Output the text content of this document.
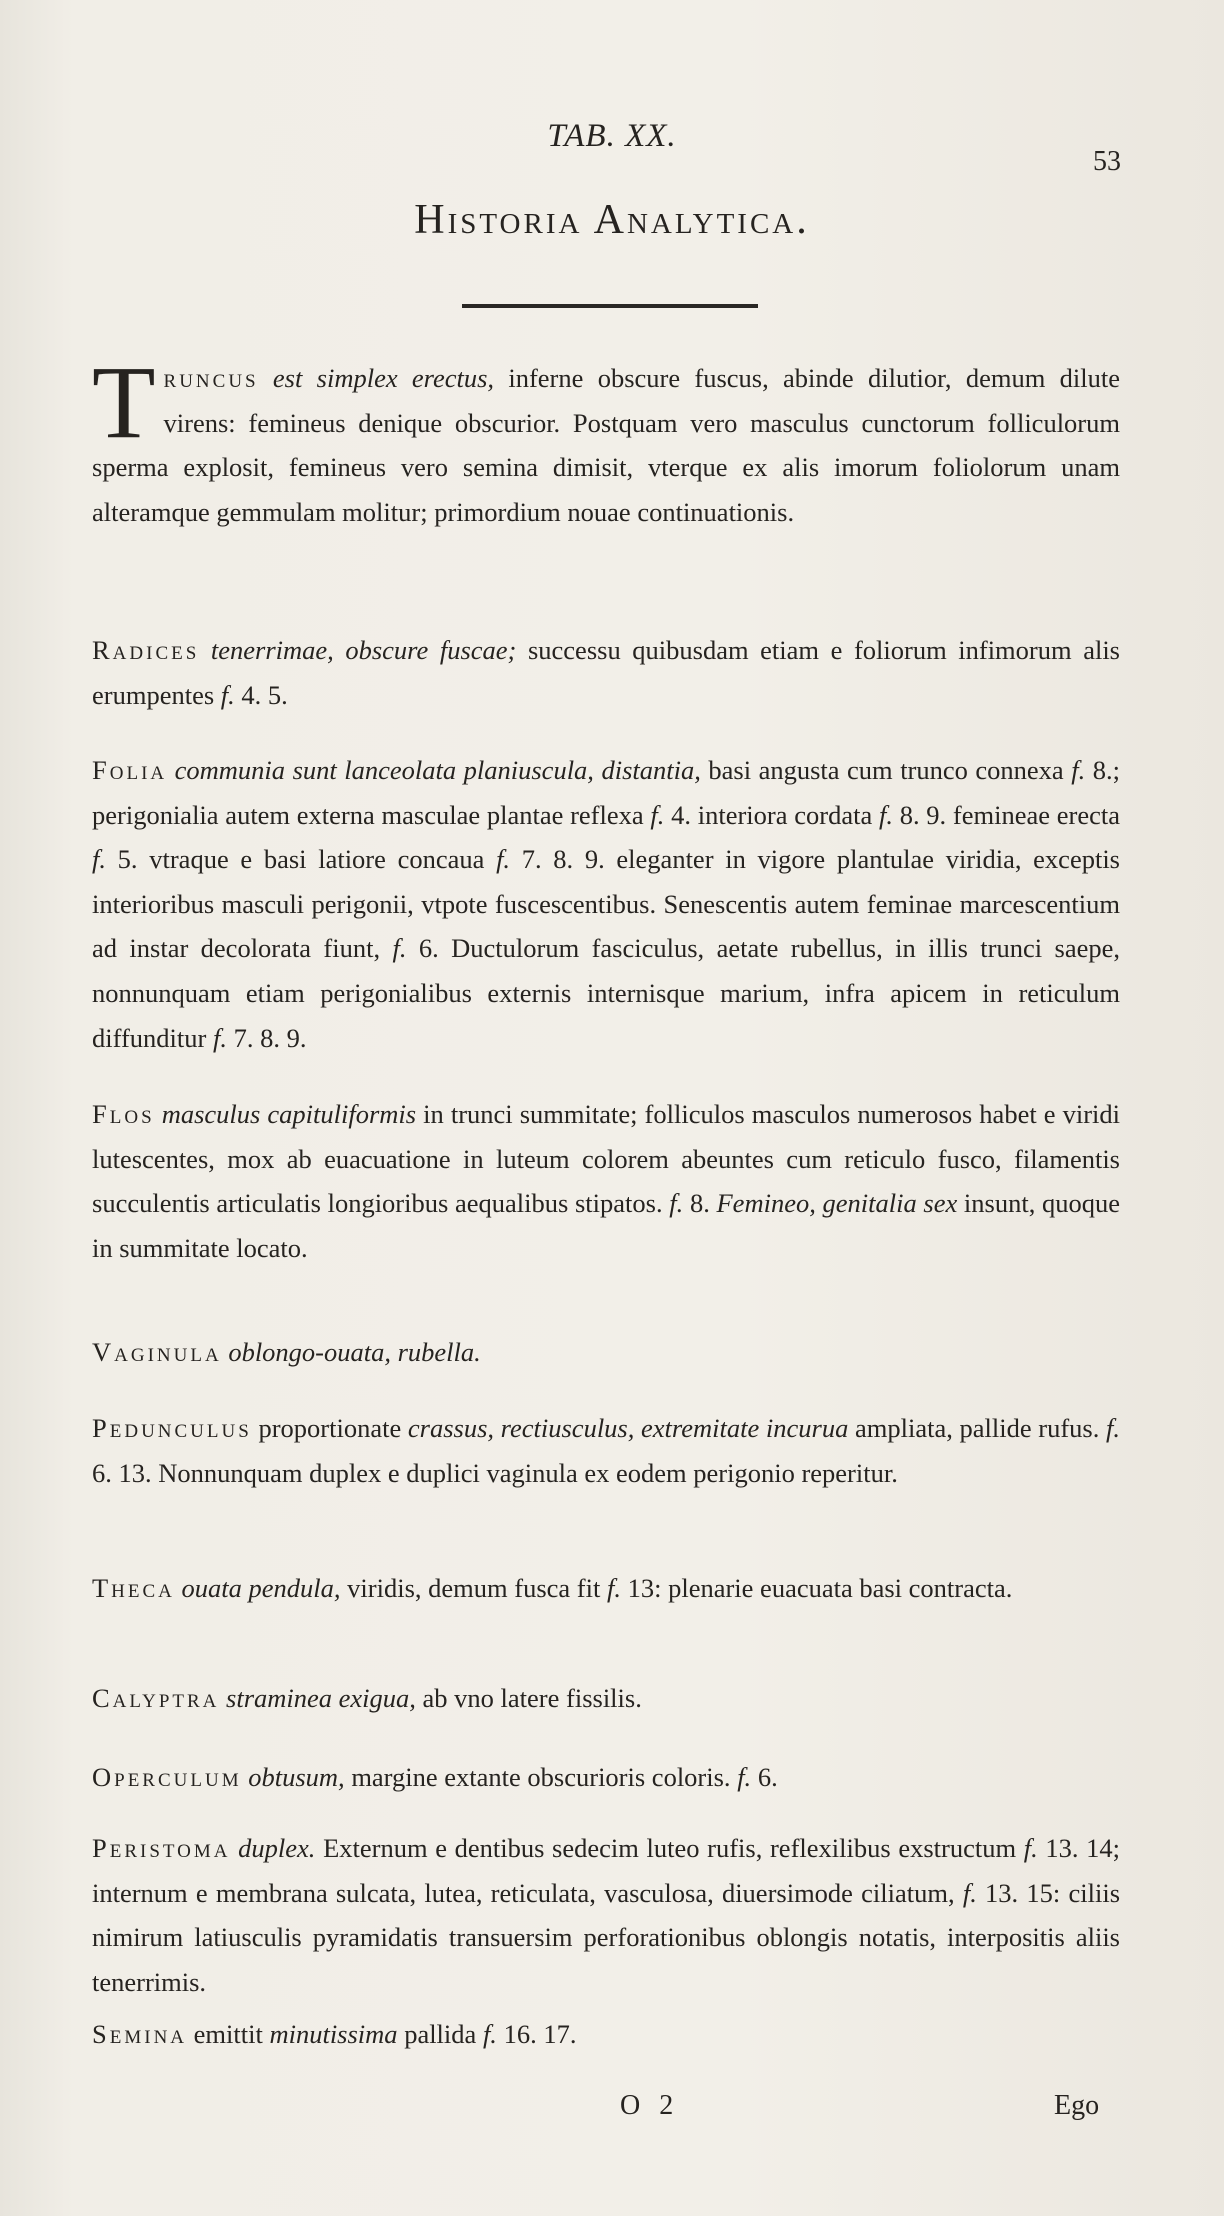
TAB. XX.
53
Historia Analytica.
Truncus est simplex erectus, inferne obscure fuscus, abinde dilutior, demum dilute virens: femineus denique obscurior. Postquam vero masculus cunctorum folliculorum sperma explosit, femineus vero semina dimisit, vterque ex alis imorum foliolorum unam alteramque gemmulam molitur; primordium nouae continuationis.
Radices tenerrimae, obscure fuscae; successu quibusdam etiam e foliorum infimorum alis erumpentes f. 4. 5.
Folia communia sunt lanceolata planiuscula, distantia, basi angusta cum trunco connexa f. 8.; perigonialia autem externa masculae plantae reflexa f. 4. interiora cordata f. 8. 9. femineae erecta f. 5. vtraque e basi latiore concaua f. 7. 8. 9. eleganter in vigore plantulae viridia, exceptis interioribus masculi perigonii, vtpote fuscescentibus. Senescentis autem feminae marcescentium ad instar decolorata fiunt, f. 6. Ductulorum fasciculus, aetate rubellus, in illis trunci saepe, nonnunquam etiam perigonialibus externis internisque marium, infra apicem in reticulum diffunditur f. 7. 8. 9.
Flos masculus capituliformis in trunci summitate; folliculos masculos numerosos habet e viridi lutescentes, mox ab euacuatione in luteum colorem abeuntes cum reticulo fusco, filamentis succulentis articulatis longioribus aequalibus stipatos. f. 8. Femineo, genitalia sex insunt, quoque in summitate locato.
Vaginula oblongo-ouata, rubella.
Pedunculus proportionate crassus, rectiusculus, extremitate incurua ampliata, pallide rufus. f. 6. 13. Nonnunquam duplex e duplici vaginula ex eodem perigonio reperitur.
Theca ouata pendula, viridis, demum fusca fit f. 13: plenarie euacuata basi contracta.
Calyptra straminea exigua, ab vno latere fissilis.
Operculum obtusum, margine extante obscurioris coloris. f. 6.
Peristoma duplex. Externum e dentibus sedecim luteo rufis, reflexilibus exstructum f. 13. 14; internum e membrana sulcata, lutea, reticulata, vasculosa, diuersimode ciliatum, f. 13. 15: ciliis nimirum latiusculis pyramidatis transuersim perforationibus oblongis notatis, interpositis aliis tenerrimis.
Semina emittit minutissima pallida f. 16. 17.
O 2	Ego
